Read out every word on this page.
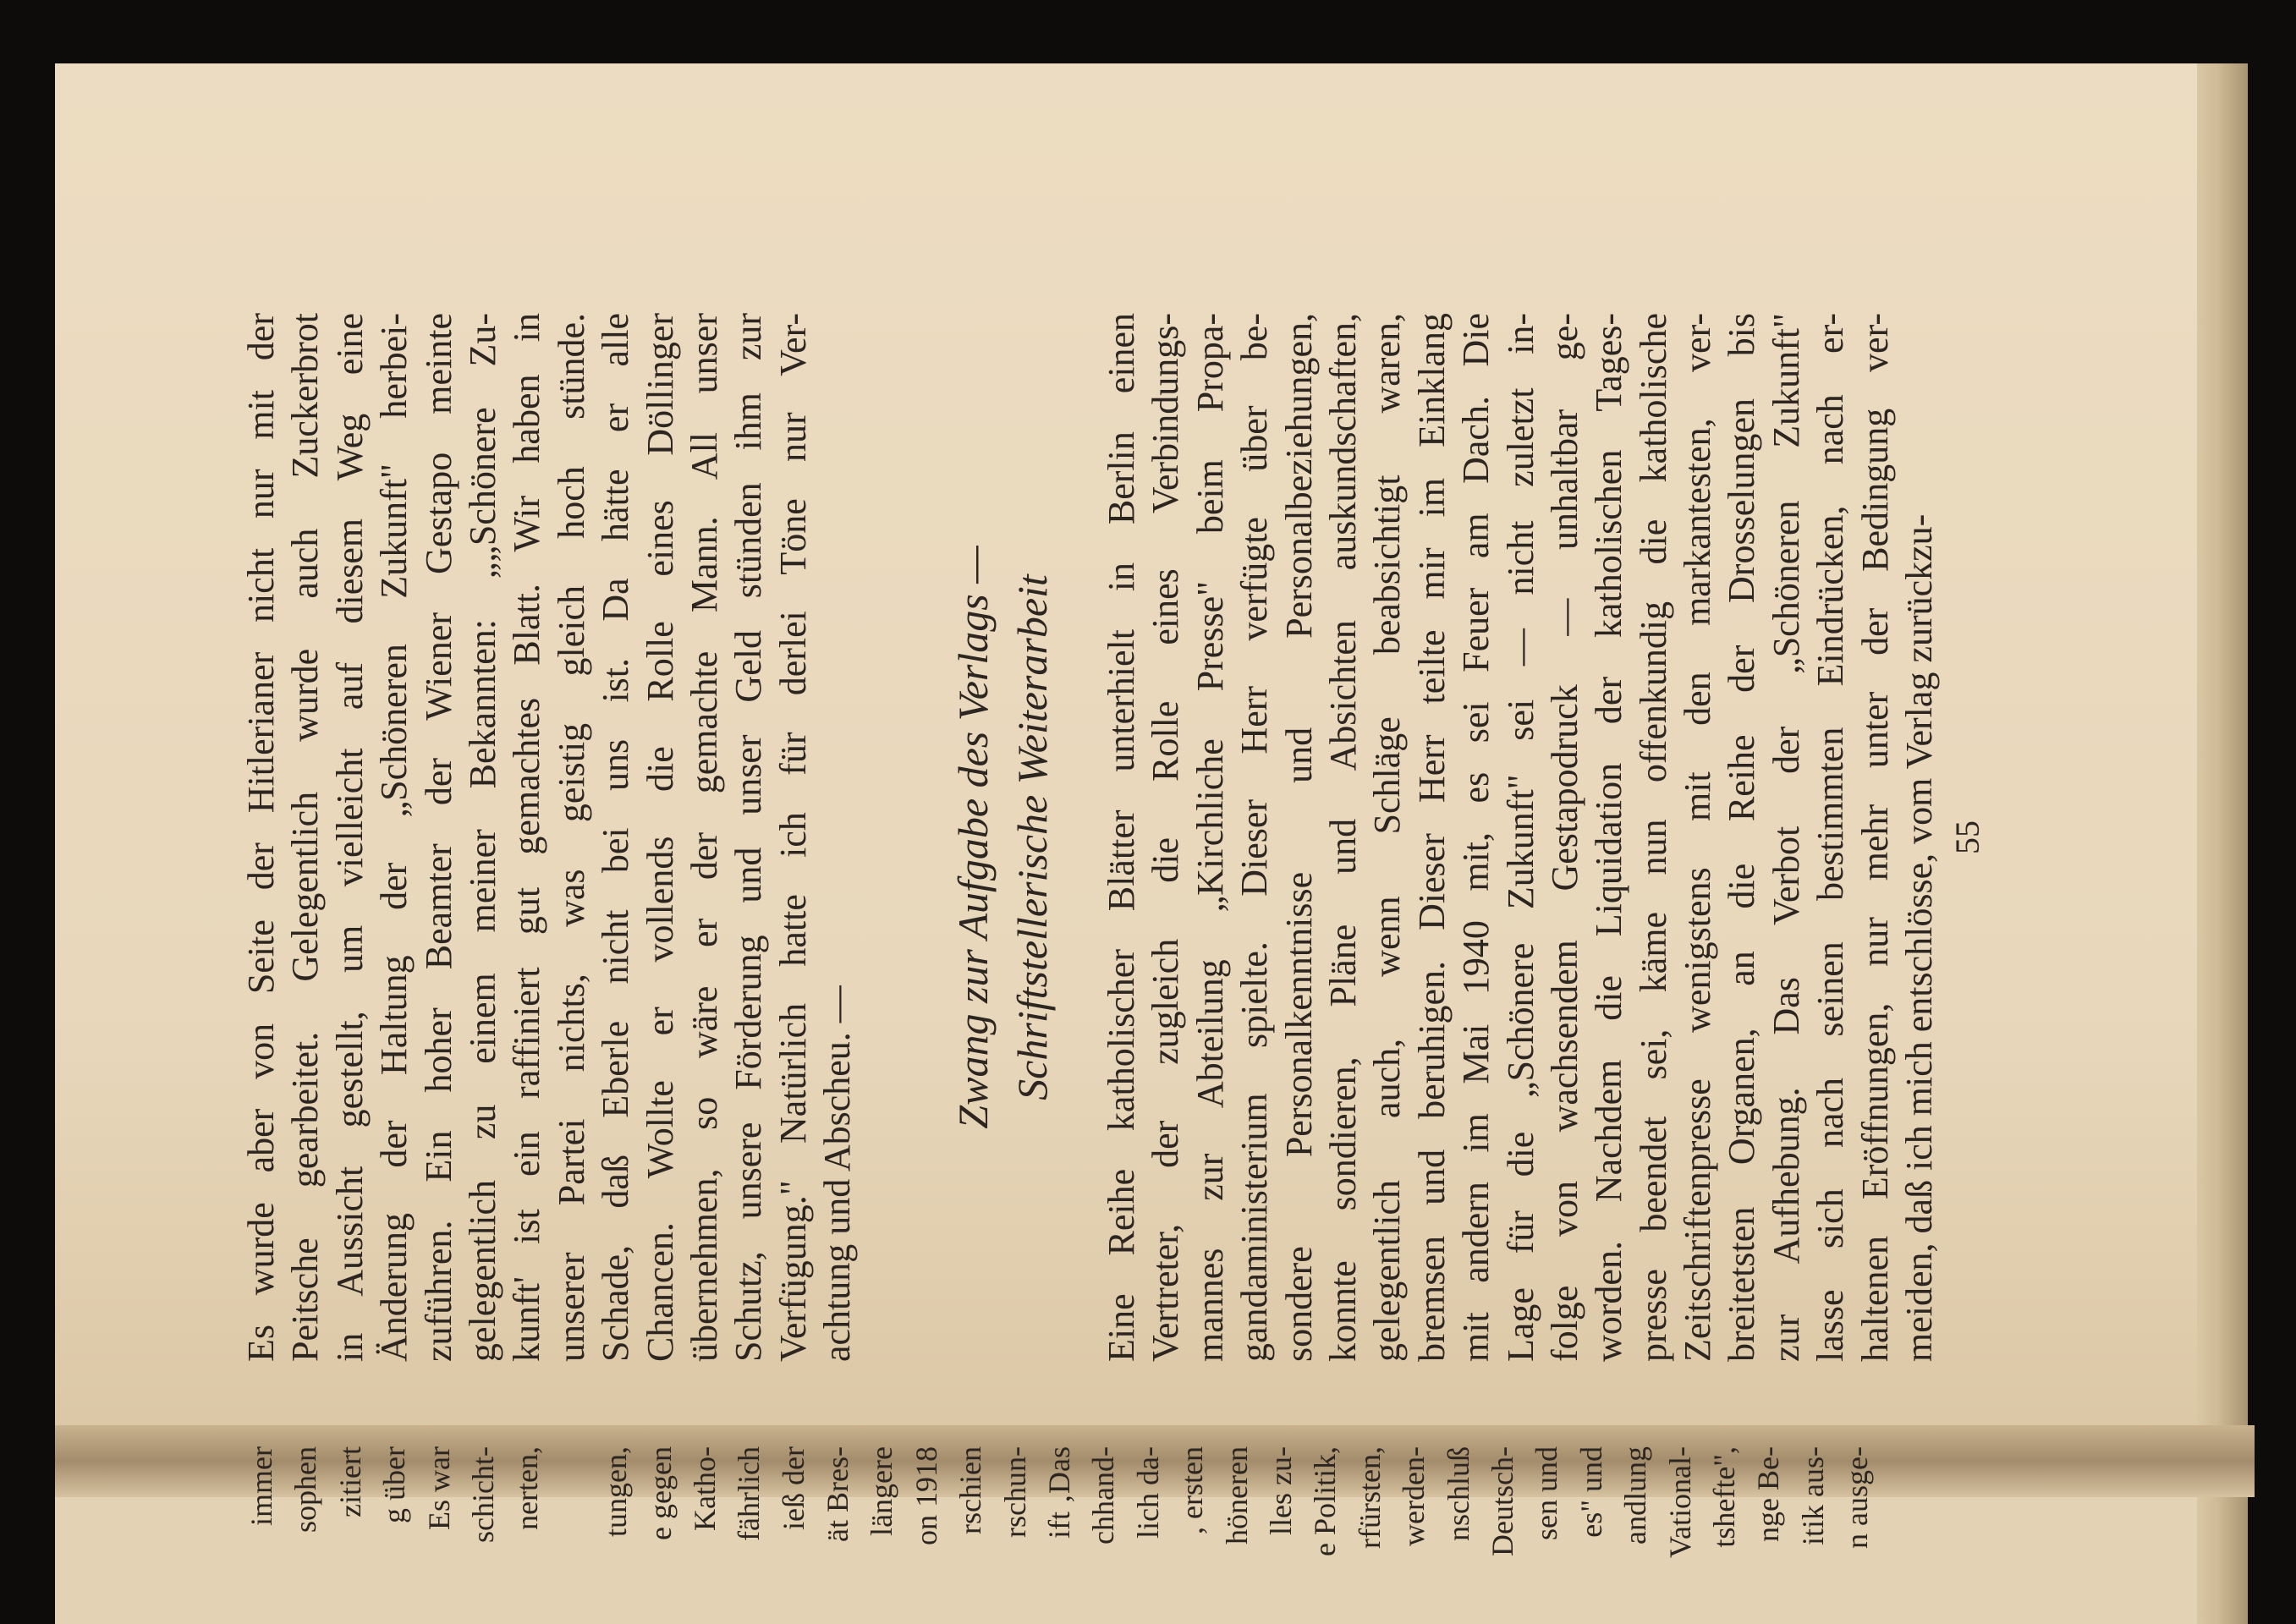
Es wurde aber von Seite der Hitlerianer nicht nur mit der Peitsche gearbeitet. Gelegentlich wurde auch Zuckerbrot in Aussicht gestellt, um vielleicht auf diesem Weg eine Änderung der Haltung der „Schöneren Zukunft" herbei- zuführen. Ein hoher Beamter der Wiener Gestapo meinte gelegentlich zu einem meiner Bekannten: „„Schönere Zu- kunft' ist ein raffiniert gut gemachtes Blatt. Wir haben in unserer Partei nichts, was geistig gleich hoch stünde. Schade, daß Eberle nicht bei uns ist. Da hätte er alle Chancen. Wollte er vollends die Rolle eines Döllinger übernehmen, so wäre er der gemachte Mann. All unser Schutz, unsere Förderung und unser Geld stünden ihm zur Verfügung." Natürlich hatte ich für derlei Töne nur Ver- achtung und Abscheu. —	Eine Reihe katholischer Blätter unterhielt in Berlin einen Vertreter, der zugleich die Rolle eines Verbindungs- mannes zur Abteilung „Kirchliche Presse" beim Propa- gandaministerium spielte. Dieser Herr verfügte über be- sondere Personalkenntnisse und Personalbeziehungen, konnte sondieren, Pläne und Absichten auskundschaften, gelegentlich auch, wenn Schläge beabsichtigt waren, bremsen und beruhigen. Dieser Herr teilte mir im Einklang mit andern im Mai 1940 mit, es sei Feuer am Dach. Die Lage für die „Schönere Zukunft" sei — nicht zuletzt in- folge von wachsendem Gestapodruck — unhaltbar ge- worden. Nachdem die Liquidation der katholischen Tages- presse beendet sei, käme nun offenkundig die katholische Zeitschriftenpresse wenigstens mit den markantesten, ver- breitetsten Organen, an die Reihe der Drosselungen bis zur Aufhebung. Das Verbot der „Schöneren Zukunft" lasse sich nach seinen bestimmten Eindrücken, nach er- haltenen Eröffnungen, nur mehr unter der Bedingung ver- meiden, daß ich mich entschlösse, vom Verlag zurückzu-
Zwang zur Aufgabe des Verlags — Schriftstellerische Weiterarbeit	55
immer sophen zitiert g über Es war schicht- nerten, tungen, e gegen Katho- fährlich ieß der ät Bres- längere on 1918 rschien rschun- ift ‚Das chhand- lich da- , ersten höneren lles zu- e Politik, rfürsten, werden- nschluß Deutsch- sen und es" und andlung Vational- tshefte", nge Be- itik aus- n ausge-
